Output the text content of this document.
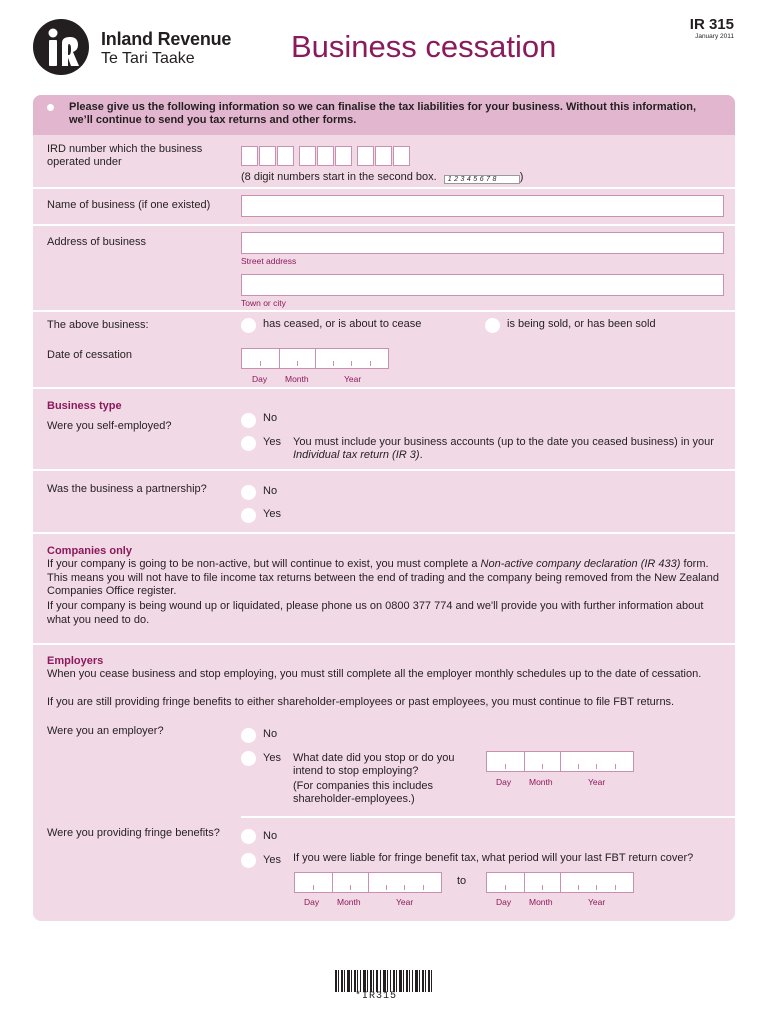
Inland Revenue
Te Tari Taake	Business cessation
IR 315
January 2011
Please give us the following information so we can finalise the tax liabilities for your business. Without this information, we’ll continue to send you tax returns and other forms.
IRD number which the business operated under
(8 digit numbers start in the second box. 12345678 )
Name of business (if one existed)
Address of business
Street address
Town or city
The above business:	has ceased, or is about to cease	is being sold, or has been sold
Date of cessation
Day Month	Year
Business type
Were you self-employed?
No
Yes You must include your business accounts (up to the date you ceased business) in your Individual tax return (IR 3).
Was the business a partnership?	No
Yes
Companies only
If your company is going to be non-active, but will continue to exist, you must complete a Non-active company declaration (IR 433) form. This means you will not have to file income tax returns between the end of trading and the company being removed from the New Zealand Companies Office register.
If your company is being wound up or liquidated, please phone us on 0800 377 774 and we'll provide you with further information about what you need to do.
Employers
When you cease business and stop employing, you must still complete all the employer monthly schedules up to the date of cessation.
If you are still providing fringe benefits to either shareholder-employees or past employees, you must continue to file FBT returns.
Were you an employer?	No
Yes What date did you stop or do you intend to stop employing?
(For companies this includes shareholder-employees.)
Day Month	Year
Were you providing fringe benefits?	No
Yes If you were liable for fringe benefit tax, what period will your last FBT return cover?
Day Month	Year
to
Day Month	Year
*IR315
